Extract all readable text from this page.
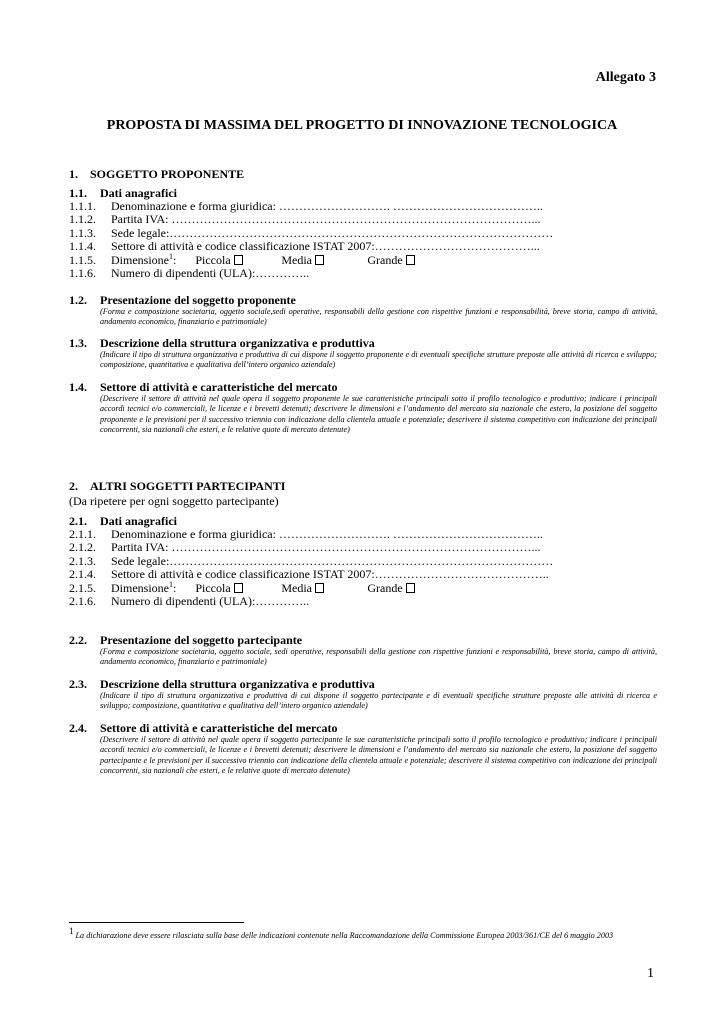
Allegato 3
PROPOSTA DI MASSIMA DEL PROGETTO DI INNOVAZIONE TECNOLOGICA
1. SOGGETTO PROPONENTE
1.1. Dati anagrafici
1.1.1. Denominazione e forma giuridica: ………………………. ………………………………..
1.1.2. Partita IVA: ………………………………………………………………………………...
1.1.3. Sede legale:……………………………………………………………………………………
1.1.4. Settore di attività e codice classificazione ISTAT 2007:…………………………………...
1.1.5. Dimensione$^1$: Piccola	Media	Grande
1.1.6. Numero di dipendenti (ULA):…………..
1.2. Presentazione del soggetto proponente
(Forma e composizione societaria, oggetto sociale,sedi operative, responsabili della gestione con rispettive funzioni e responsabilità, breve storia, campo di attività, andamento economico, finanziario e patrimoniale)
1.3. Descrizione della struttura organizzativa e produttiva
(Indicare il tipo di struttura organizzativa e produttiva di cui dispone il soggetto proponente e di eventuali specifiche strutture preposte alle attività di ricerca e sviluppo; composizione, quantitativa e qualitativa dell’intero organico aziendale)
1.4. Settore di attività e caratteristiche del mercato
(Descrivere il settore di attività nel quale opera il soggetto proponente le sue caratteristiche principali sotto il profilo tecnologico e produttivo; indicare i principali accordi tecnici e/o commerciali, le licenze e i brevetti detenuti; descrivere le dimensioni e l’andamento del mercato sia nazionale che estero, la posizione del soggetto proponente e le previsioni per il successivo triennio con indicazione della clientela attuale e potenziale; descrivere il sistema competitivo con indicazione dei principali concorrenti, sia nazionali che esteri, e le relative quote di mercato detenute)
2. ALTRI SOGGETTI PARTECIPANTI
(Da ripetere per ogni soggetto partecipante)
2.1. Dati anagrafici
2.1.1. Denominazione e forma giuridica: ………………………. ………………………………..
2.1.2. Partita IVA: ………………………………………………………………………………...
2.1.3. Sede legale:……………………………………………………………………………………
2.1.4. Settore di attività e codice classificazione ISTAT 2007:……………………………………..
2.1.5. Dimensione$^1$: Piccola	Media	Grande
2.1.6. Numero di dipendenti (ULA):…………..
2.2. Presentazione del soggetto partecipante
(Forma e composizione societaria, oggetto sociale, sedi operative, responsabili della gestione con rispettive funzioni e responsabilità, breve storia, campo di attività, andamento economico, finanziario e patrimoniale)
2.3. Descrizione della struttura organizzativa e produttiva
(Indicare il tipo di struttura organizzativa e produttiva di cui dispone il soggetto partecipante e di eventuali specifiche strutture preposte alle attività di ricerca e sviluppo; composizione, quantitativa e qualitativa dell’intero organico aziendale)
2.4. Settore di attività e caratteristiche del mercato
(Descrivere il settore di attività nel quale opera il soggetto partecipante le sue caratteristiche principali sotto il profilo tecnologico e produttivo; indicare i principali accordi tecnici e/o commerciali, le licenze e i brevetti detenuti; descrivere le dimensioni e l’andamento del mercato sia nazionale che estero, la posizione del soggetto partecipante e le previsioni per il successivo triennio con indicazione della clientela attuale e potenziale; descrivere il sistema competitivo con indicazione dei principali concorrenti, sia nazionali che esteri, e le relative quote di mercato detenute)
1 La dichiarazione deve essere rilasciata sulla base delle indicazioni contenute nella Raccomandazione della Commissione Europea 2003/361/CE del 6 maggio 2003
1
